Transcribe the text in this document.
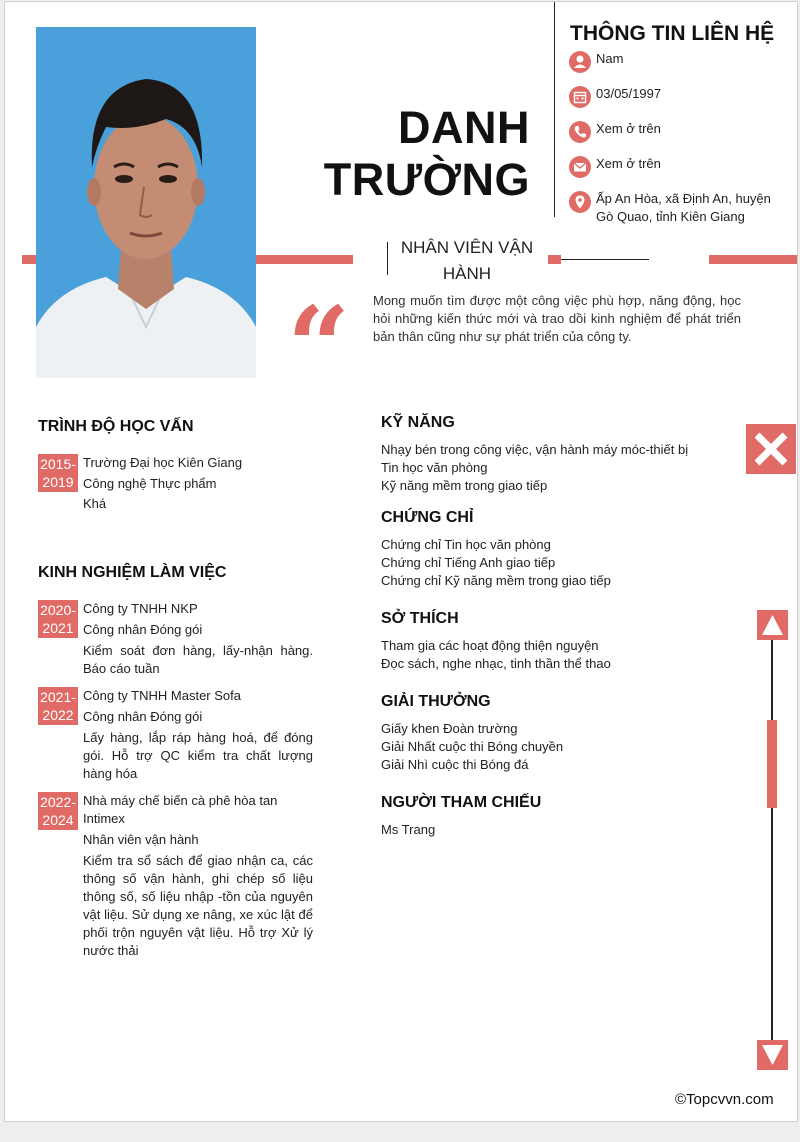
DANH
TRƯỜNG
THÔNG TIN LIÊN HỆ
Nam
03/05/1997
Xem ở trên
Xem ở trên
Ấp An Hòa, xã Định An, huyện Gò Quao, tỉnh Kiên Giang
NHÂN VIÊN VẬN HÀNH
“ Mong muốn tìm được một công việc phù hợp, năng động, học hỏi những kiến thức mới và trao dồi kinh nghiệm để phát triển bản thân cũng như sự phát triển của công ty.
TRÌNH ĐỘ HỌC VẤN
2015-2019
Trường Đại học Kiên Giang
Công nghệ Thực phẩm
Khá
KINH NGHIỆM LÀM VIỆC
2020-2021
Công ty TNHH NKP
Công nhân Đóng gói
Kiểm soát đơn hàng, lấy-nhận hàng. Báo cáo tuần
2021-2022
Công ty TNHH Master Sofa
Công nhân Đóng gói
Lấy hàng, lắp ráp hàng hoá, để đóng gói. Hỗ trợ QC kiểm tra chất lượng hàng hóa
2022-2024
Nhà máy chế biến cà phê hòa tan Intimex
Nhân viên vận hành
Kiểm tra sổ sách để giao nhận ca, các thông số vận hành, ghi chép số liệu thông số, số liệu nhập -tồn của nguyên vật liệu. Sử dụng xe nâng, xe xúc lật để phối trộn nguyên vật liệu. Hỗ trợ Xử lý nước thải
KỸ NĂNG
Nhạy bén trong công việc, vận hành máy móc-thiết bị
Tin học văn phòng
Kỹ năng mềm trong giao tiếp
CHỨNG CHỈ
Chứng chỉ Tin học văn phòng
Chứng chỉ Tiếng Anh giao tiếp
Chứng chỉ Kỹ năng mềm trong giao tiếp
SỞ THÍCH
Tham gia các hoạt động thiện nguyện
Đọc sách, nghe nhạc, tinh thần thể thao
GIẢI THƯỞNG
Giấy khen Đoàn trường
Giải Nhất cuộc thi Bóng chuyền
Giải Nhì cuộc thi Bóng đá
NGƯỜI THAM CHIẾU
Ms Trang
©Topcvvn.com
